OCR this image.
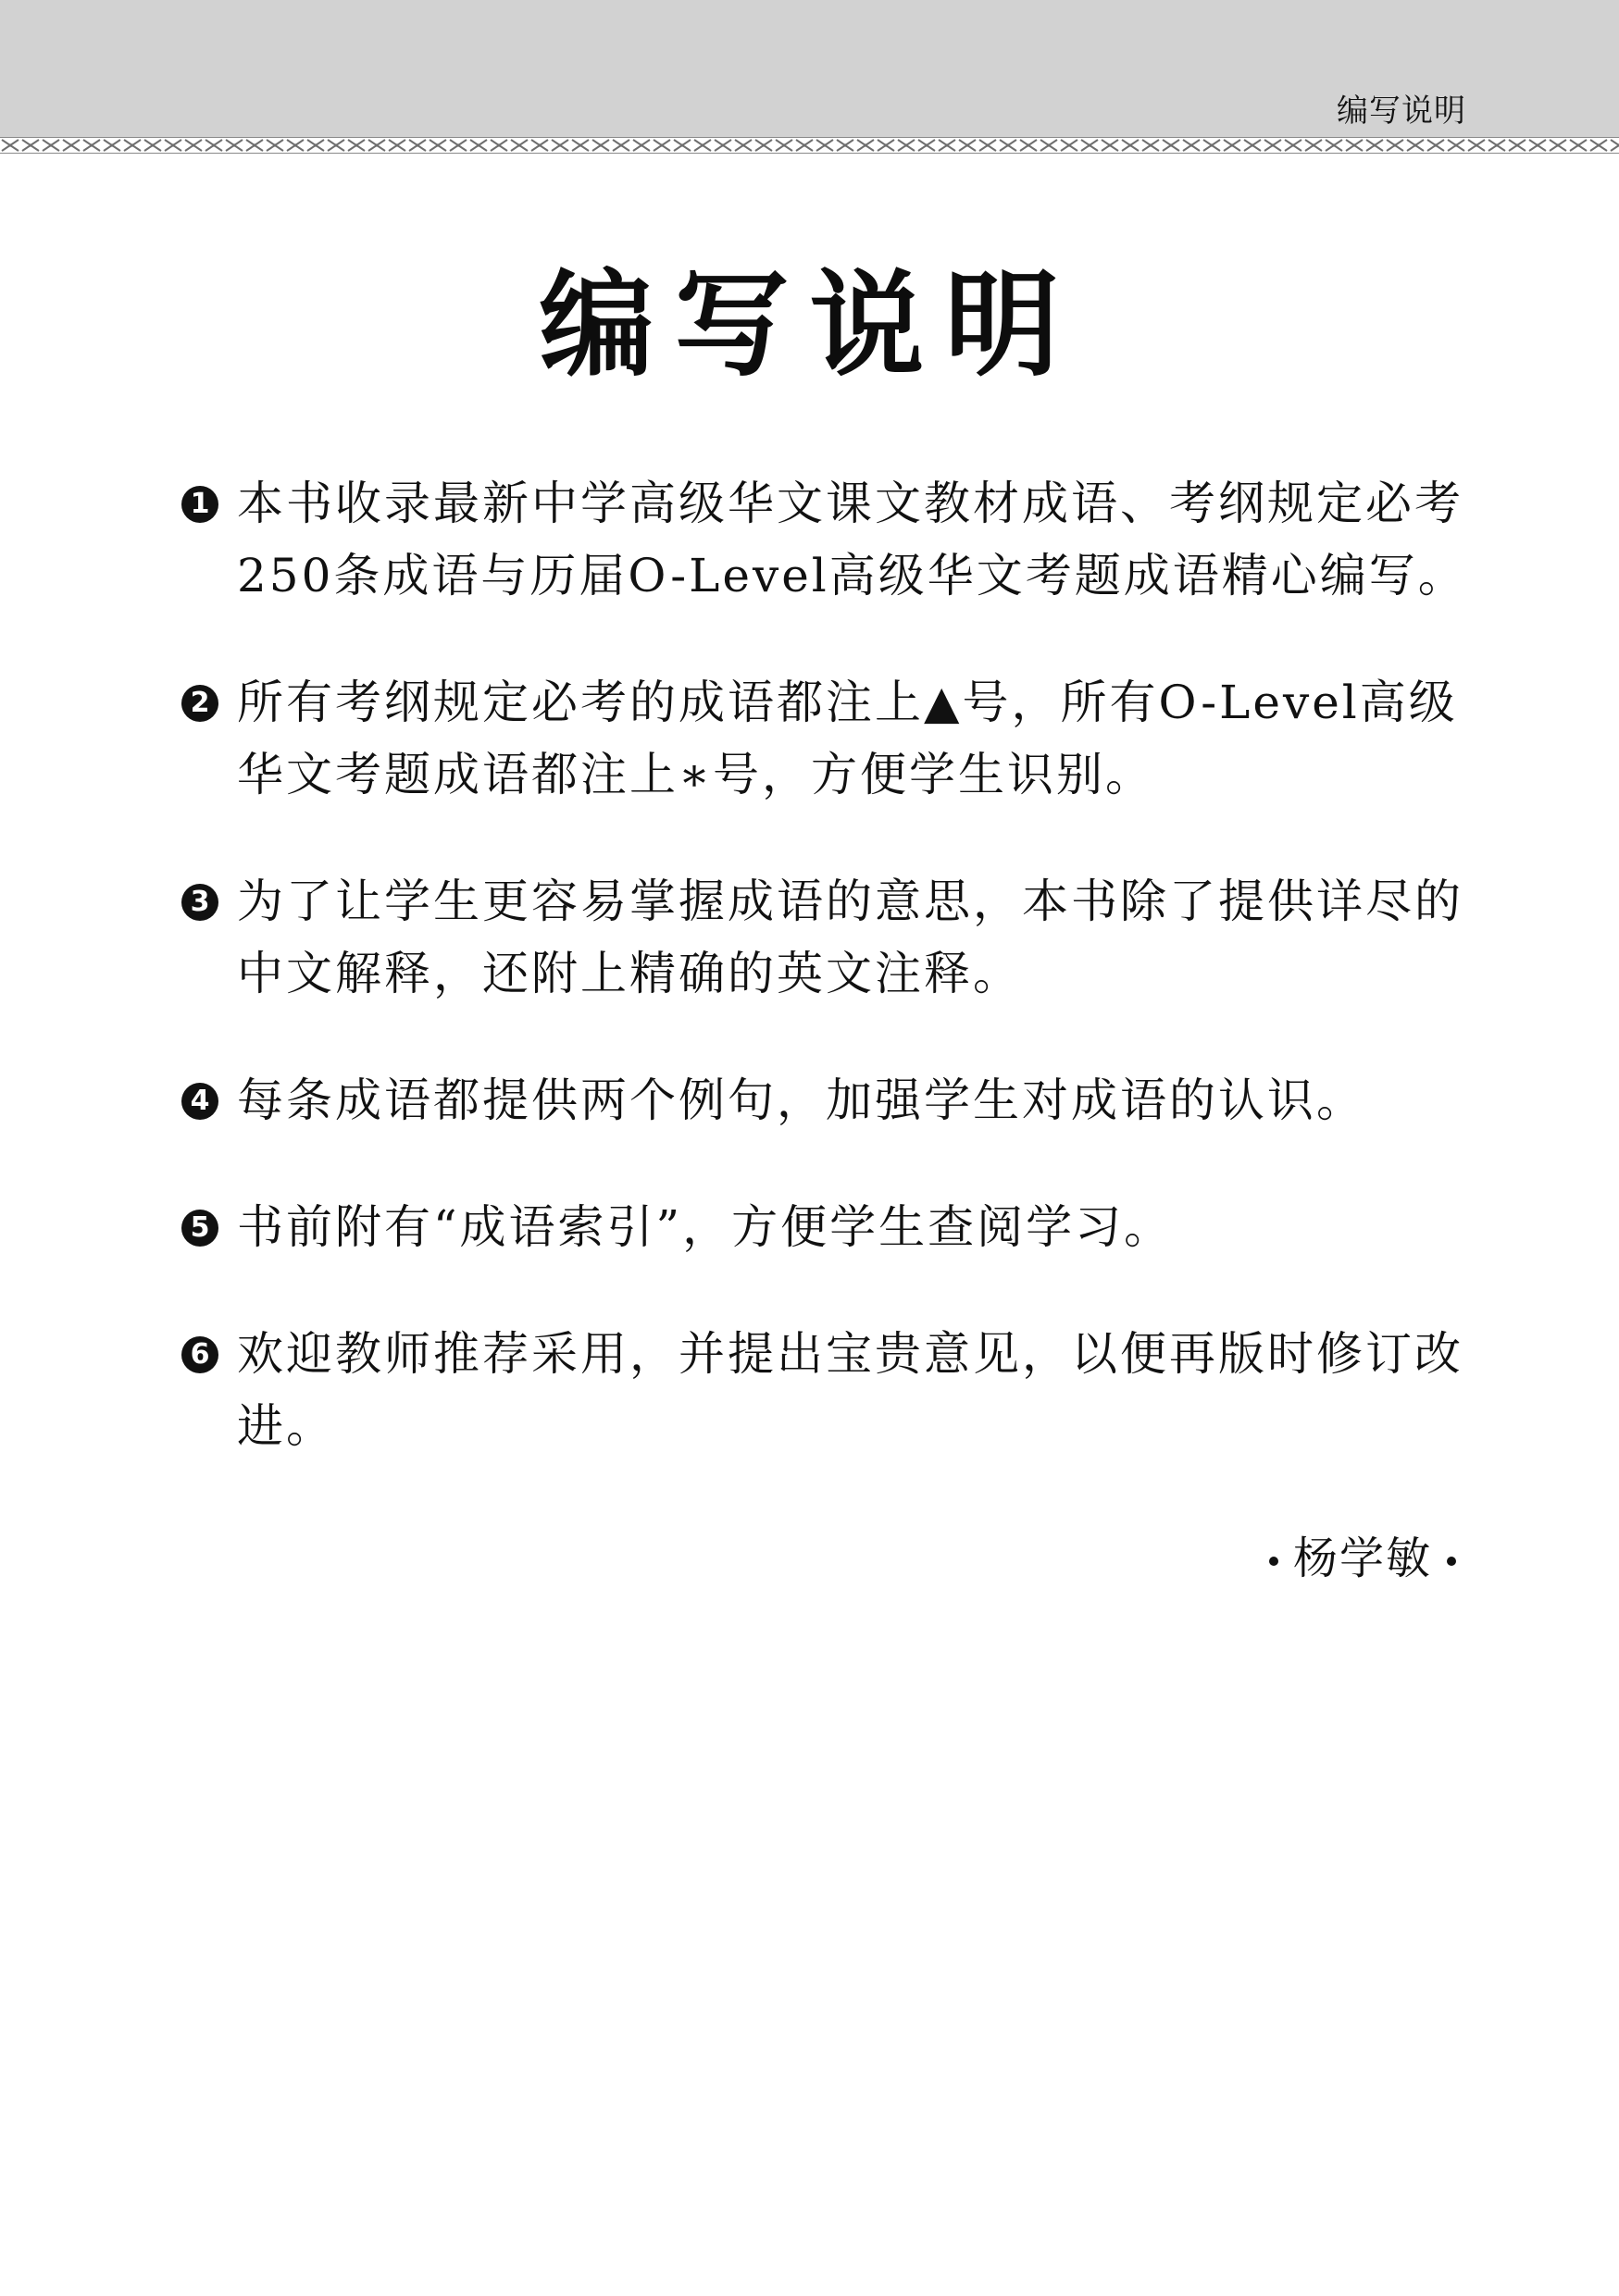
编写说明
编写说明
1 本书收录最新中学高级华文课文教材成语、考纲规定必考250条成语与历届O-Level高级华文考题成语精心编写。
2 所有考纲规定必考的成语都注上▲号，所有O-Level高级华文考题成语都注上∗号，方便学生识别。
3 为了让学生更容易掌握成语的意思，本书除了提供详尽的中文解释，还附上精确的英文注释。
4 每条成语都提供两个例句，加强学生对成语的认识。
5 书前附有“成语索引”，方便学生查阅学习。
6 欢迎教师推荐采用，并提出宝贵意见，以便再版时修订改进。
杨学敏
